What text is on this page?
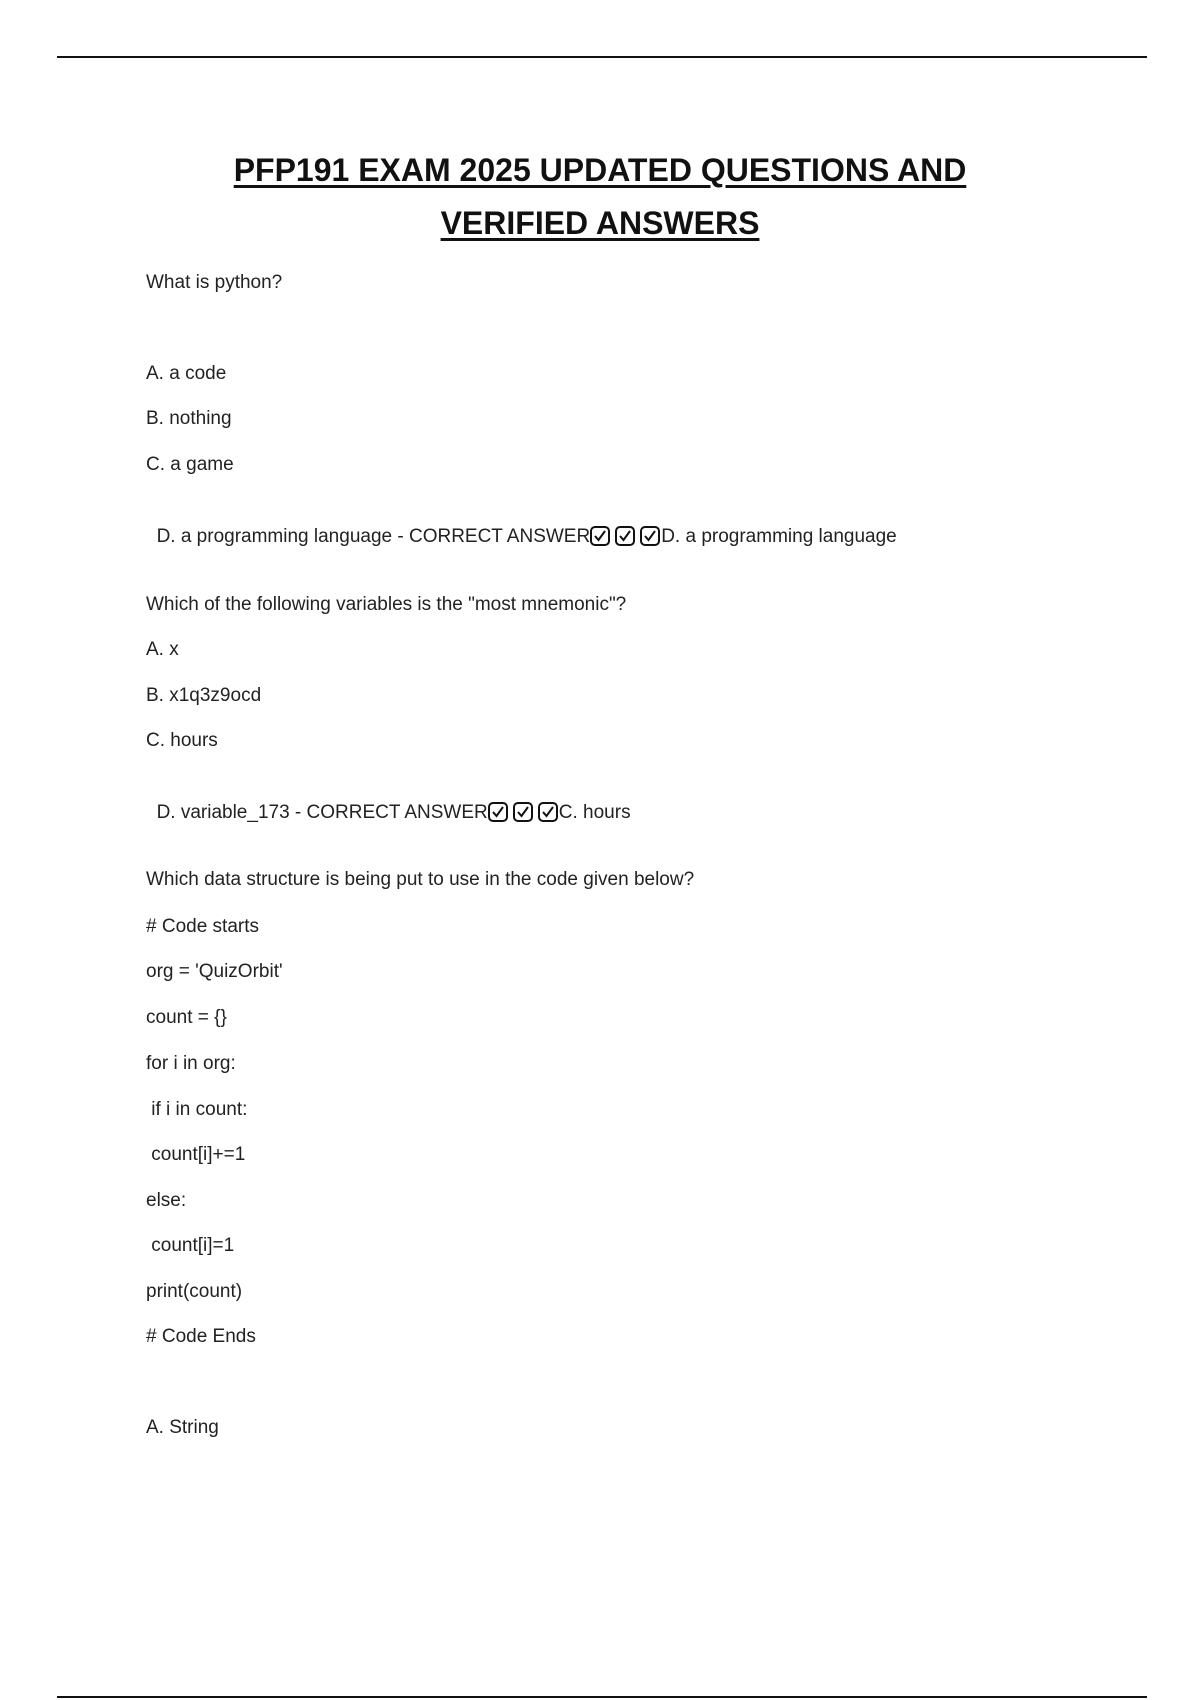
PFP191 EXAM 2025 UPDATED QUESTIONS AND
VERIFIED ANSWERS
What is python?
A. a code
B. nothing
C. a game

D. a programming language - CORRECT ANSWER	D. a programming language

Which of the following variables is the "most mnemonic"?
A. x
B. x1q3z9ocd
C. hours

D. variable_173 - CORRECT ANSWER	C. hours

Which data structure is being put to use in the code given below?
# Code starts
org = 'QuizOrbit'
count = {}
for i in org:
if i in count:
count[i]+=1
else:
count[i]=1
print(count)
# Code Ends
A. String
